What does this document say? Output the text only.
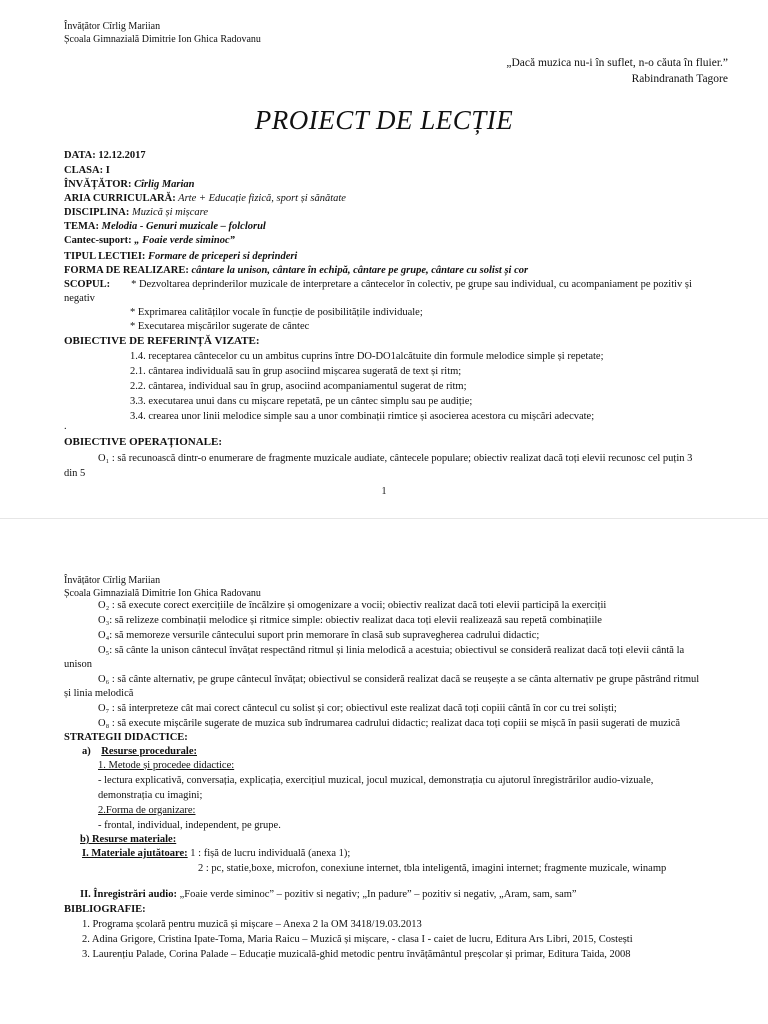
Învățător Cîrlig Mariian
Școala Gimnazială Dimitrie Ion Ghica Radovanu
„Dacă muzica nu-i în suflet, n-o căuta în fluier.”
Rabindranath Tagore
PROIECT DE LECȚIE
DATA: 12.12.2017
CLASA: I
ÎNVĂȚĂTOR: Cîrlig Marian
ARIA CURRICULARĂ: Arte + Educație fizică, sport și sănătate
DISCIPLINA: Muzică și mișcare
TEMA: Melodia - Genuri muzicale – folclorul
Cantec-suport: „ Foaie verde siminoc”
TIPUL LECTIEI: Formare de priceperi si deprinderi
FORMA DE REALIZARE: cântare la unison, cântare în echipă, cântare pe grupe, cântare cu solist și cor
SCOPUL: * Dezvoltarea deprinderilor muzicale de interpretare a cântecelor în colectiv, pe grupe sau individual, cu acompaniament pe pozitiv și
negativ
* Exprimarea calităților vocale în funcție de posibilitățile individuale;
* Executarea mișcărilor sugerate de cântec
OBIECTIVE DE REFERINȚĂ VIZATE:
1.4. receptarea cântecelor cu un ambitus cuprins între DO-DO1alcătuite din formule melodice simple și repetate;
2.1. cântarea individuală sau în grup asociind mișcarea sugerată de text și ritm;
2.2. cântarea, individual sau în grup, asociind acompaniamentul sugerat de ritm;
3.3. executarea unui dans cu mișcare repetată, pe un cântec simplu sau pe audiție;
3.4. crearea unor linii melodice simple sau a unor combinații rimtice și asocierea acestora cu mișcări adecvate;
.
OBIECTIVE OPERAȚIONALE:
O₁ : să recunoască dintr-o enumerare de fragmente muzicale audiate, cântecele populare; obiectiv realizat dacă toți elevii recunosc cel puțin 3
din 5
1
Învățător Cîrlig Mariian
Școala Gimnazială Dimitrie Ion Ghica Radovanu
O₂ : să execute corect exercițiile de încălzire și omogenizare a vocii; obiectiv realizat dacă toti elevii participă la exerciții
O₃: să relizeze combinații melodice și ritmice simple: obiectiv realizat daca toți elevii realizează sau repetă combinațiile
O₄: să memoreze versurile cântecului suport prin memorare în clasă sub supravegherea cadrului didactic;
O₅: să cânte la unison cântecul învățat respectând ritmul și linia melodică a acestuia; obiectivul se consideră realizat dacă toți elevii cântă la
unison
O₆ : să cânte alternativ, pe grupe cântecul învățat; obiectivul se consideră realizat dacă se reușește a se cânta alternativ pe grupe păstrând ritmul
și linia melodică
O₇ : să interpreteze cât mai corect cântecul cu solist și cor; obiectivul este realizat dacă toți copiii cântă în cor cu trei soliști;
O₈ : să execute mișcările sugerate de muzica sub îndrumarea cadrului didactic; realizat daca toți copiii se mișcă în pasii sugerati de muzică
STRATEGII DIDACTICE:
a) Resurse procedurale:
1. Metode și procedee didactice:
- lectura explicativă, conversația, explicația, exercițiul muzical, jocul muzical, demonstrația cu ajutorul înregistrărilor audio-vizuale,
demonstrația cu imagini;
2.Forma de organizare:
- frontal, individual, independent, pe grupe.
b) Resurse materiale:
I. Materiale ajutătoare: 1 : fișă de lucru individuală (anexa 1);
2 : pc, statie,boxe, microfon, conexiune internet, tbla inteligentă, imagini internet; fragmente muzicale, winamp
II. Înregistrări audio: „Foaie verde siminoc” – pozitiv si negativ; „In padure” – pozitiv si negativ, „Aram, sam, sam”
BIBLIOGRAFIE:
1. Programa școlară pentru muzică și mișcare – Anexa 2 la OM 3418/19.03.2013
2. Adina Grigore, Cristina Ipate-Toma, Maria Raicu – Muzică și mișcare, - clasa I - caiet de lucru, Editura Ars Libri, 2015, Costești
3. Laurențiu Palade, Corina Palade – Educație muzicală-ghid metodic pentru învățământul preșcolar și primar, Editura Taida, 2008
